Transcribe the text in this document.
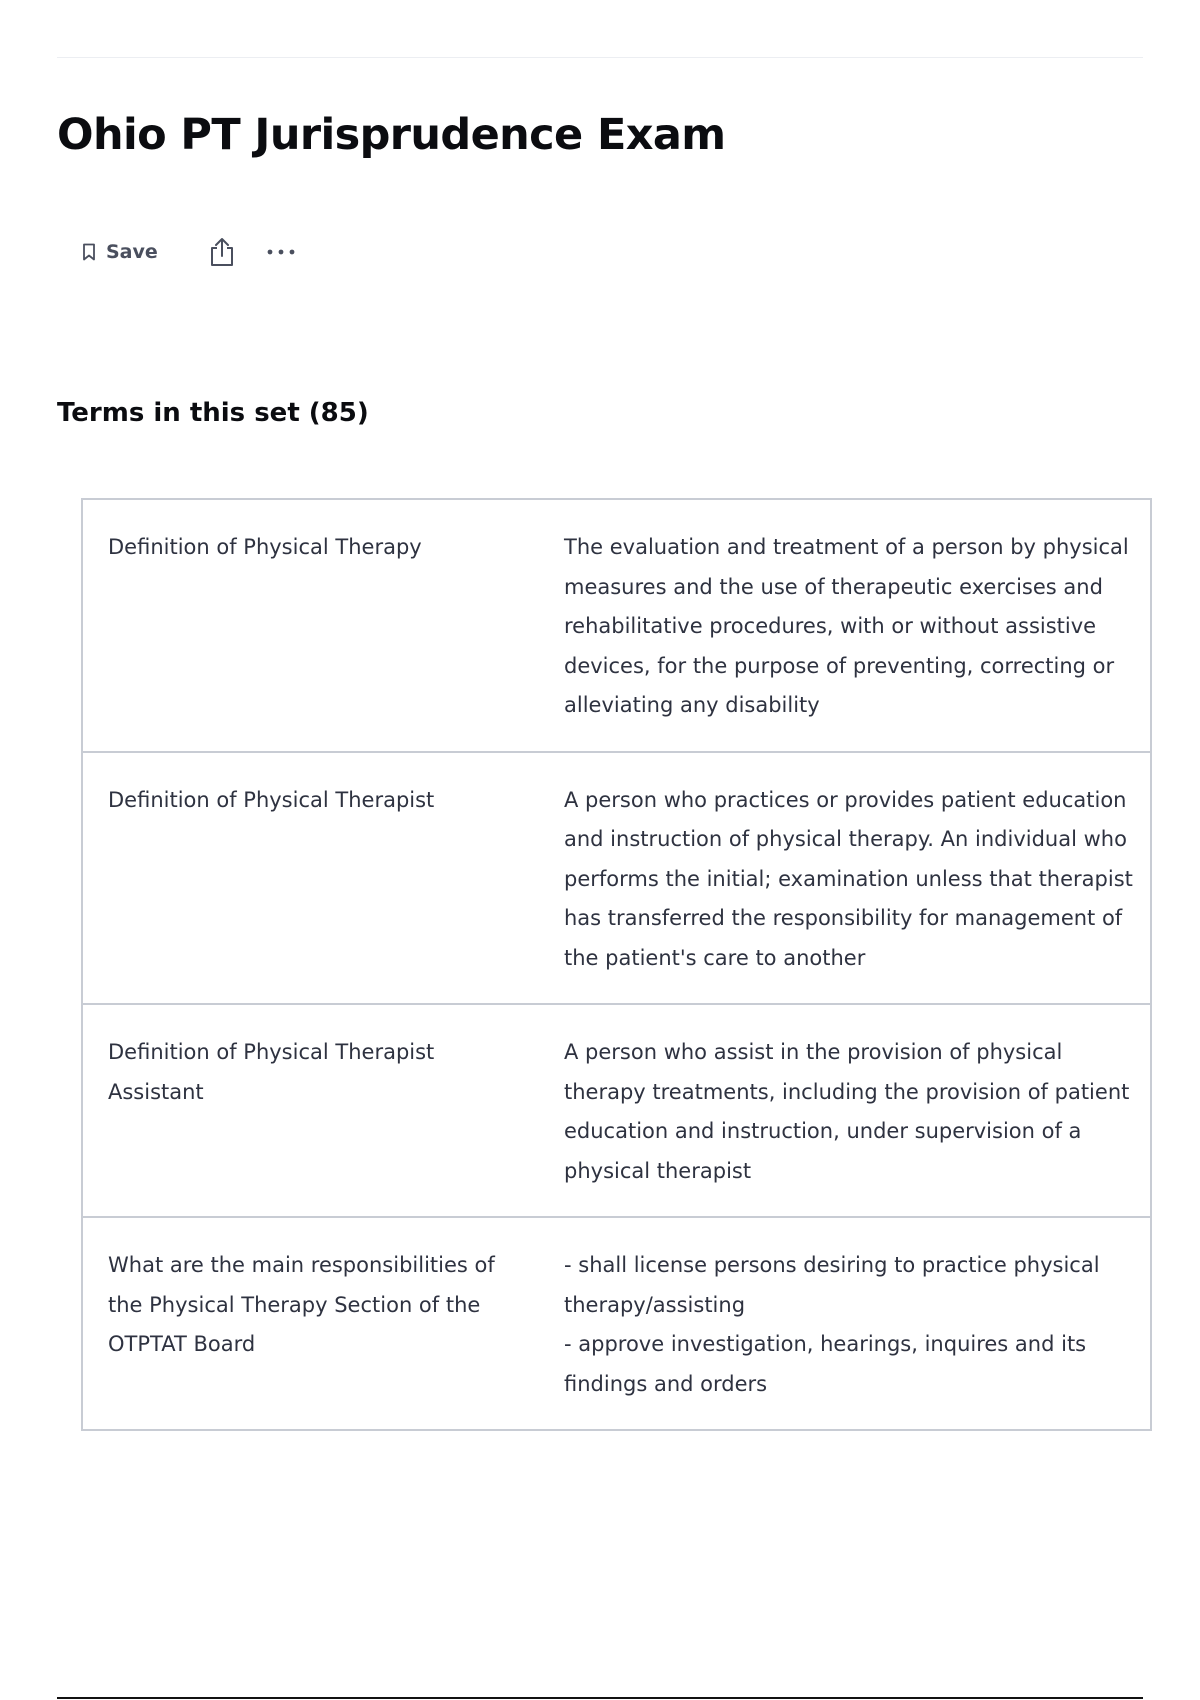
Ohio PT Jurisprudence Exam
Save
Terms in this set (85)
Definition of Physical Therapy	The evaluation and treatment of a person by physical measures and the use of therapeutic exercises and rehabilitative procedures, with or without assistive devices, for the purpose of preventing, correcting or alleviating any disability
Definition of Physical Therapist	A person who practices or provides patient education and instruction of physical therapy. An individual who performs the initial; examination unless that therapist has transferred the responsibility for management of the patient's care to another
Definition of Physical Therapist Assistant
A person who assist in the provision of physical therapy treatments, including the provision of patient education and instruction, under supervision of a physical therapist
What are the main responsibilities of the Physical Therapy Section of the OTPTAT Board
- shall license persons desiring to practice physical therapy/assisting
- approve investigation, hearings, inquires and its findings and orders
